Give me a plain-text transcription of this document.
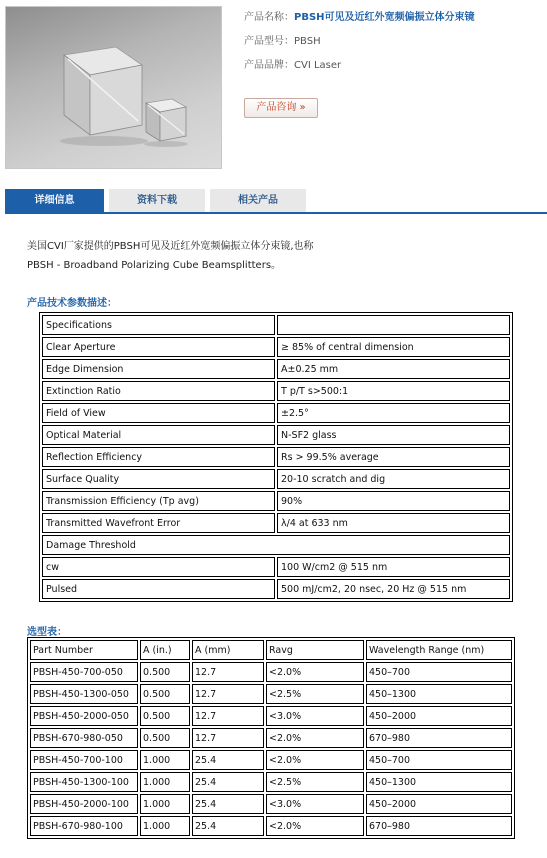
产品名称：PBSH可见及近红外宽频偏振立体分束镜
产品型号：PBSH
产品品牌：CVI Laser
产品咨询 »
详细信息	资料下载	相关产品
美国CVI厂家提供的PBSH可见及近红外宽频偏振立体分束镜,也称
PBSH - Broadband Polarizing Cube Beamsplitters。
产品技术参数描述：
Specifications	
Clear Aperture	≥ 85% of central dimension
Edge Dimension	A±0.25 mm
Extinction Ratio	T p/T s>500:1
Field of View	±2.5°
Optical Material	N-SF2 glass
Reflection Efficiency	Rs > 99.5% average
Surface Quality	20-10 scratch and dig
Transmission Efficiency (Tp avg)	90%
Transmitted Wavefront Error	λ/4 at 633 nm
Damage Threshold	
cw	100 W/cm2 @ 515 nm
Pulsed	500 mJ/cm2, 20 nsec, 20 Hz @ 515 nm
选型表：
Part Number	A (in.)	A (mm)	Ravg	Wavelength Range (nm)
PBSH-450-700-050	0.500	12.7	<2.0%	450–700
PBSH-450-1300-050	0.500	12.7	<2.5%	450–1300
PBSH-450-2000-050	0.500	12.7	<3.0%	450–2000
PBSH-670-980-050	0.500	12.7	<2.0%	670–980
PBSH-450-700-100	1.000	25.4	<2.0%	450–700
PBSH-450-1300-100	1.000	25.4	<2.5%	450–1300
PBSH-450-2000-100	1.000	25.4	<3.0%	450–2000
PBSH-670-980-100	1.000	25.4	<2.0%	670–980
